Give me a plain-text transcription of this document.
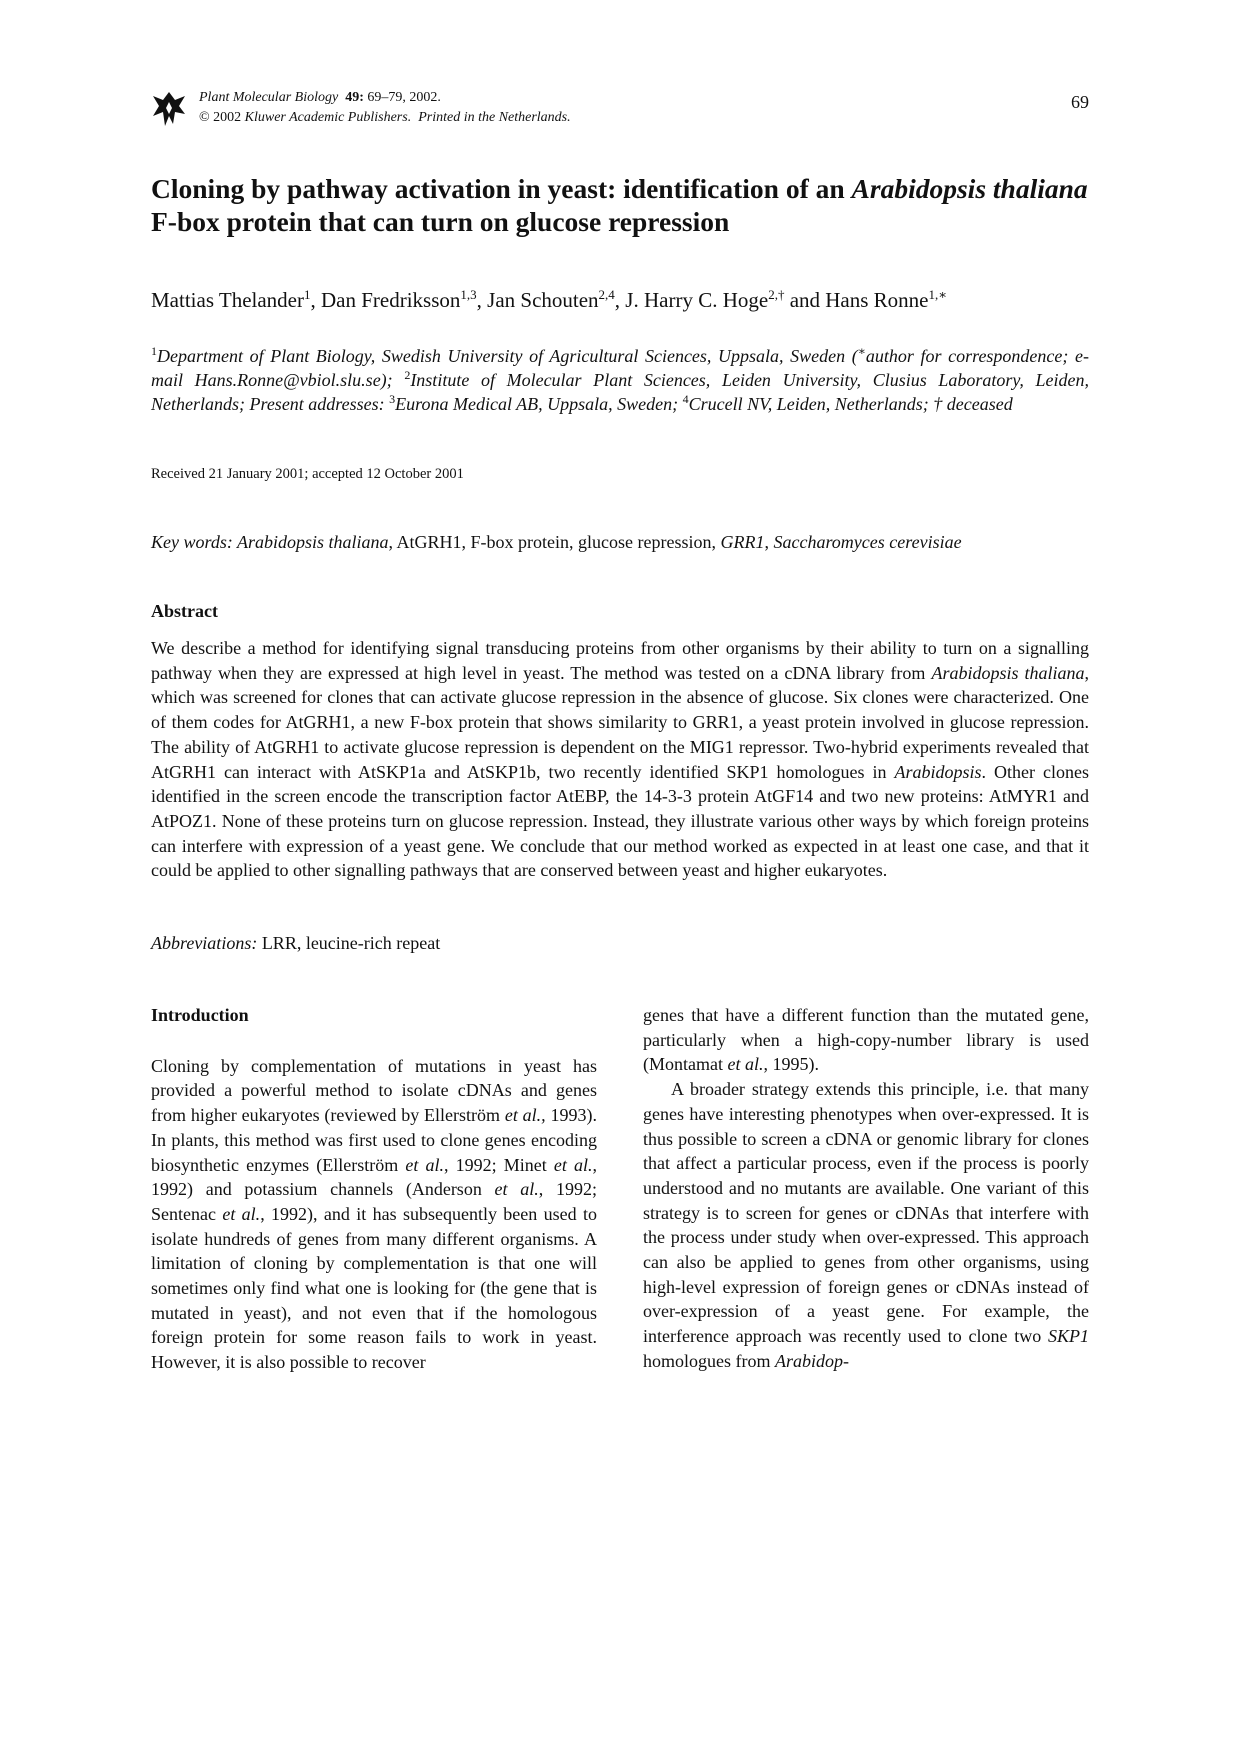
Plant Molecular Biology 49: 69–79, 2002.
© 2002 Kluwer Academic Publishers. Printed in the Netherlands.
69
Cloning by pathway activation in yeast: identification of an Arabidopsis thaliana F-box protein that can turn on glucose repression
Mattias Thelander$^1$, Dan Fredriksson$^{1,3}$, Jan Schouten$^{2,4}$, J. Harry C. Hoge$^{2,\dagger}$ and Hans Ronne$^{1,∗}$
$^1$Department of Plant Biology, Swedish University of Agricultural Sciences, Uppsala, Sweden (∗author for correspondence; e-mail Hans.Ronne@vbiol.slu.se); $^2$Institute of Molecular Plant Sciences, Leiden University, Clusius Laboratory, Leiden, Netherlands; Present addresses: $^3$Eurona Medical AB, Uppsala, Sweden; $^4$Crucell NV, Leiden, Netherlands; † deceased
Received 21 January 2001; accepted 12 October 2001
Key words: Arabidopsis thaliana, AtGRH1, F-box protein, glucose repression, GRR1, Saccharomyces cerevisiae
Abstract

We describe a method for identifying signal transducing proteins from other organisms by their ability to turn on a signalling pathway when they are expressed at high level in yeast. The method was tested on a cDNA library from Arabidopsis thaliana, which was screened for clones that can activate glucose repression in the absence of glucose. Six clones were characterized. One of them codes for AtGRH1, a new F-box protein that shows similarity to GRR1, a yeast protein involved in glucose repression. The ability of AtGRH1 to activate glucose repression is dependent on the MIG1 repressor. Two-hybrid experiments revealed that AtGRH1 can interact with AtSKP1a and AtSKP1b, two recently identified SKP1 homologues in Arabidopsis. Other clones identified in the screen encode the transcription factor AtEBP, the 14-3-3 protein AtGF14 and two new proteins: AtMYR1 and AtPOZ1. None of these proteins turn on glucose repression. Instead, they illustrate various other ways by which foreign proteins can interfere with expression of a yeast gene. We conclude that our method worked as expected in at least one case, and that it could be applied to other signalling pathways that are conserved between yeast and higher eukaryotes.

Abbreviations: LRR, leucine-rich repeat
Introduction

Cloning by complementation of mutations in yeast has provided a powerful method to isolate cDNAs and genes from higher eukaryotes (reviewed by Ellerström et al., 1993). In plants, this method was first used to clone genes encoding biosynthetic enzymes (Ellerström et al., 1992; Minet et al., 1992) and potassium channels (Anderson et al., 1992; Sentenac et al., 1992), and it has subsequently been used to isolate hundreds of genes from many different organisms. A limitation of cloning by complementation is that one will sometimes only find what one is looking for (the gene that is mutated in yeast), and not even that if the homologous foreign protein for some reason fails to work in yeast. However, it is also possible to recover

genes that have a different function than the mutated gene, particularly when a high-copy-number library is used (Montamat et al., 1995).

A broader strategy extends this principle, i.e. that many genes have interesting phenotypes when over-expressed. It is thus possible to screen a cDNA or genomic library for clones that affect a particular process, even if the process is poorly understood and no mutants are available. One variant of this strategy is to screen for genes or cDNAs that interfere with the process under study when over-expressed. This approach can also be applied to genes from other organisms, using high-level expression of foreign genes or cDNAs instead of over-expression of a yeast gene. For example, the interference approach was recently used to clone two SKP1 homologues from Arabidop-
